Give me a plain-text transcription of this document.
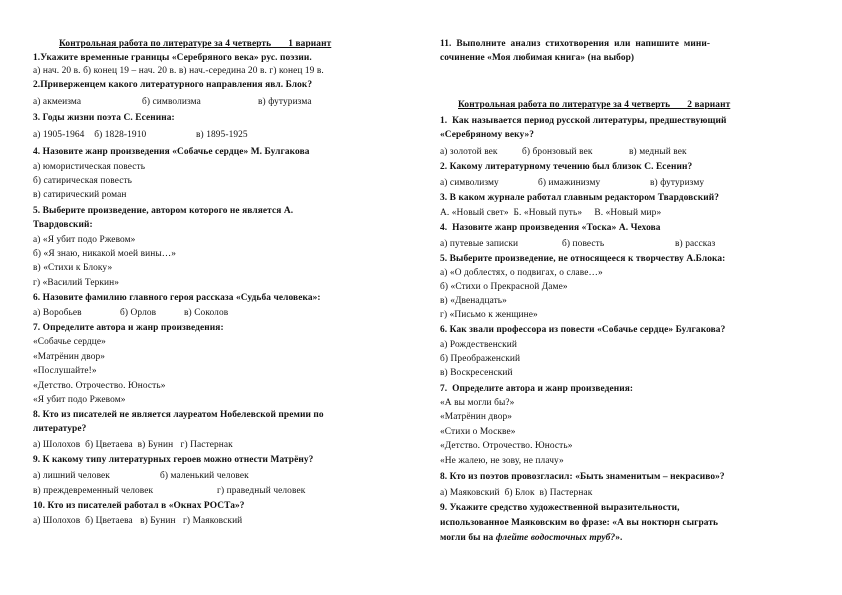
Контрольная работа по литературе за 4 четверть       1 вариант
1.Укажите временные границы «Серебряного века» рус. поэзии.
а) нач. 20 в. б) конец 19 – нач. 20 в. в) нач.-середина 20 в. г) конец 19 в.
2.Приверженцем какого литературного направления явл. Блок?
а) акмеизма	б) символизма	в) футуризма
3. Годы жизни поэта С. Есенина:
а) 1905-1964    б) 1828-1910	в) 1895-1925
4. Назовите жанр произведения «Собачье сердце» М. Булгакова
а) юмористическая повесть
б) сатирическая повесть
в) сатирический роман
5. Выберите произведение, автором которого не является А.
Твардовский:
а) «Я убит подо Ржевом»
б) «Я знаю, никакой моей вины…»
в) «Стихи к Блоку»
г) «Василий Теркин»
6. Назовите фамилию главного героя рассказа «Судьба человека»:
а) Воробьев	б) Орлов	в) Соколов
7. Определите автора и жанр произведения:
«Собачье сердце»
«Матрёнин двор»
«Послушайте!»
«Детство. Отрочество. Юность»
«Я убит подо Ржевом»
8. Кто из писателей не является лауреатом Нобелевской премии по
литературе?
а) Шолохов  б) Цветаева  в) Бунин   г) Пастернак
9. К какому типу литературных героев можно отнести Матрёну?
а) лишний человек	б) маленький человек
в) преждевременный человек	г) праведный человек
10. Кто из писателей работал в «Окнах РОСТа»?
а) Шолохов  б) Цветаева   в) Бунин   г) Маяковский
11.  Выполните  анализ  стихотворения  или  напишите  мини-
сочинение «Моя любимая книга» (на выбор)
Контрольная работа по литературе за 4 четверть       2 вариант
1.  Как называется период русской литературы, предшествующий
«Серебряному веку»?
а) золотой век	б) бронзовый век	в) медный век
2. Какому литературному течению был близок С. Есенин?
а) символизму	б) имажинизму	в) футуризму
3. В каком журнале работал главным редактором Твардовский?
А. «Новый свет»  Б. «Новый путь»     В. «Новый мир»
4.  Назовите жанр произведения «Тоска» А. Чехова
а) путевые записки	б) повесть	в) рассказ
5. Выберите произведение, не относящееся к творчеству А.Блока:
а) «О доблестях, о подвигах, о славе…»
б) «Стихи о Прекрасной Даме»
в) «Двенадцать»
г) «Письмо к женщине»
6. Как звали профессора из повести «Собачье сердце» Булгакова?
а) Рождественский
б) Преображенский
в) Воскресенский
7.  Определите автора и жанр произведения:
«А вы могли бы?»
«Матрёнин двор»
«Стихи о Москве»
«Детство. Отрочество. Юность»
«Не жалею, не зову, не плачу»
8. Кто из поэтов провозгласил: «Быть знаменитым – некрасиво»?
а) Маяковский  б) Блок  в) Пастернак
9. Укажите средство художественной выразительности,
использованное Маяковским во фразе: «А вы ноктюрн сыграть
могли бы на флейте водосточных труб?».
